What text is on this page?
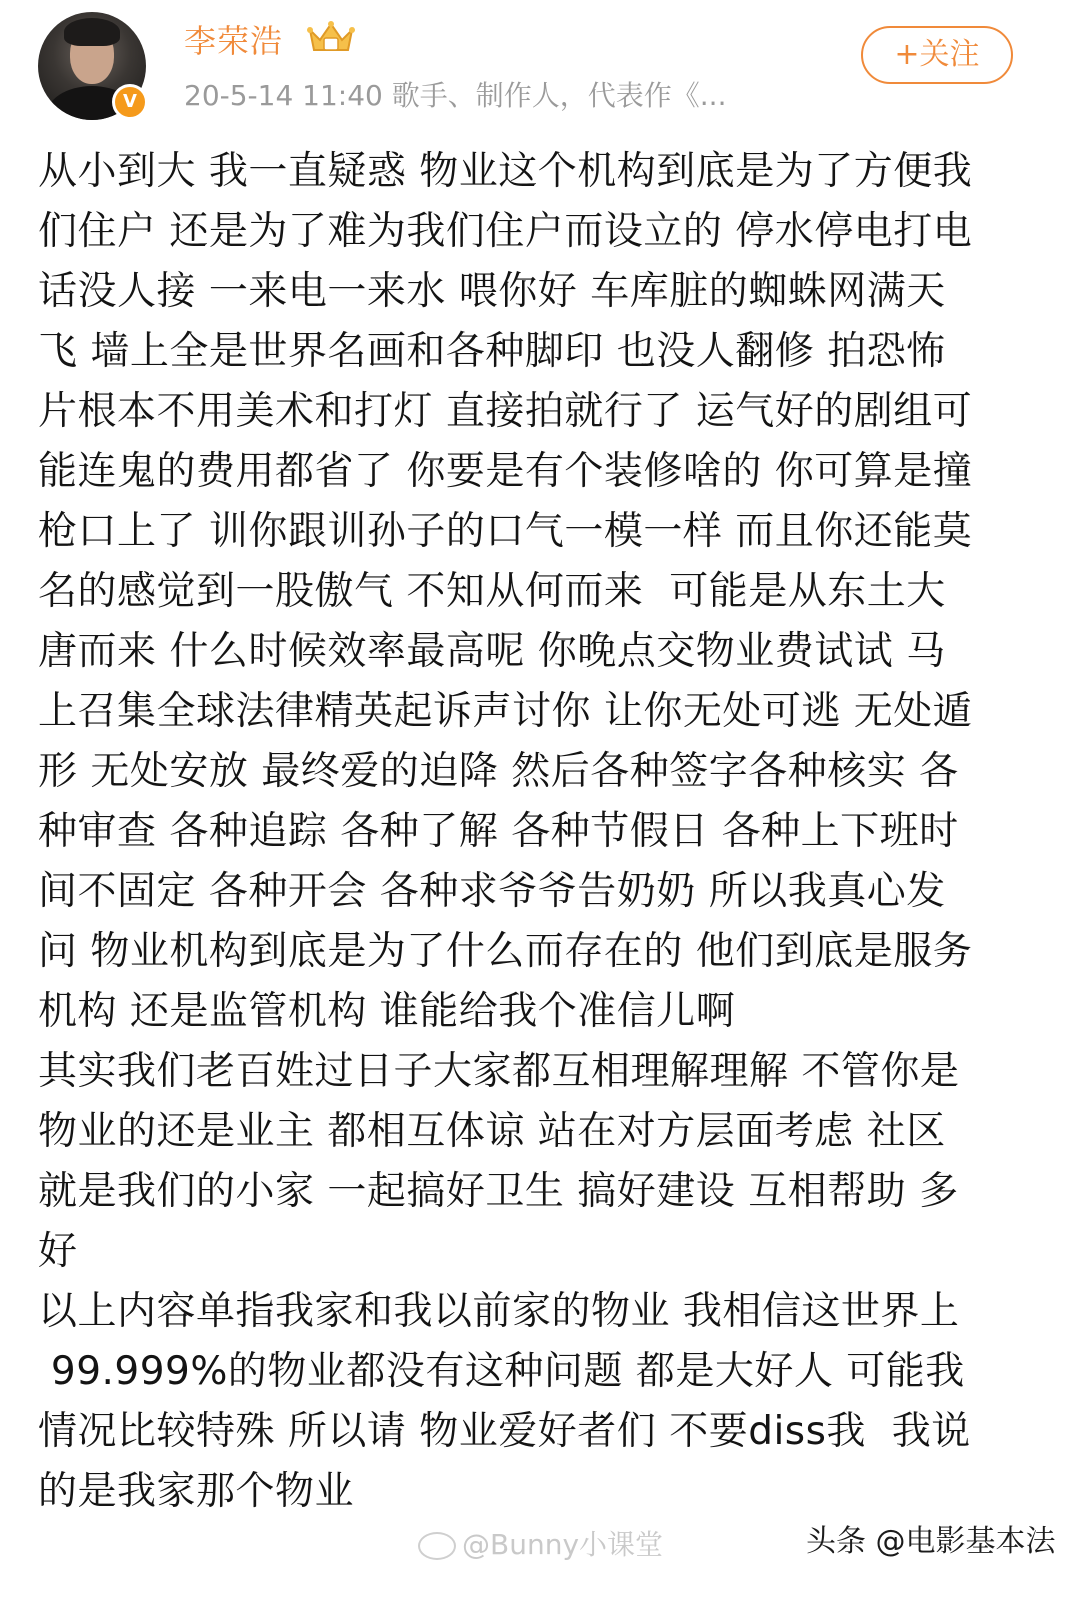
V
李荣浩
20-5-14 11:40 歌手、制作人，代表作《...
+关注
从小到大 我一直疑惑 物业这个机构到底是为了方便我
们住户 还是为了难为我们住户而设立的 停水停电打电
话没人接 一来电一来水 喂你好 车库脏的蜘蛛网满天
飞 墙上全是世界名画和各种脚印 也没人翻修 拍恐怖
片根本不用美术和打灯 直接拍就行了 运气好的剧组可
能连鬼的费用都省了 你要是有个装修啥的 你可算是撞
枪口上了 训你跟训孙子的口气一模一样 而且你还能莫
名的感觉到一股傲气 不知从何而来  可能是从东土大
唐而来 什么时候效率最高呢 你晚点交物业费试试 马
上召集全球法律精英起诉声讨你 让你无处可逃 无处遁
形 无处安放 最终爱的迫降 然后各种签字各种核实 各
种审查 各种追踪 各种了解 各种节假日 各种上下班时
间不固定 各种开会 各种求爷爷告奶奶 所以我真心发
问 物业机构到底是为了什么而存在的 他们到底是服务
机构 还是监管机构 谁能给我个准信儿啊
其实我们老百姓过日子大家都互相理解理解 不管你是
物业的还是业主 都相互体谅 站在对方层面考虑 社区
就是我们的小家 一起搞好卫生 搞好建设 互相帮助 多
好
以上内容单指我家和我以前家的物业 我相信这世界上
99.999%的物业都没有这种问题 都是大好人 可能我
情况比较特殊 所以请 物业爱好者们 不要diss我  我说
的是我家那个物业
@Bunny小课堂	头条 @电影基本法
